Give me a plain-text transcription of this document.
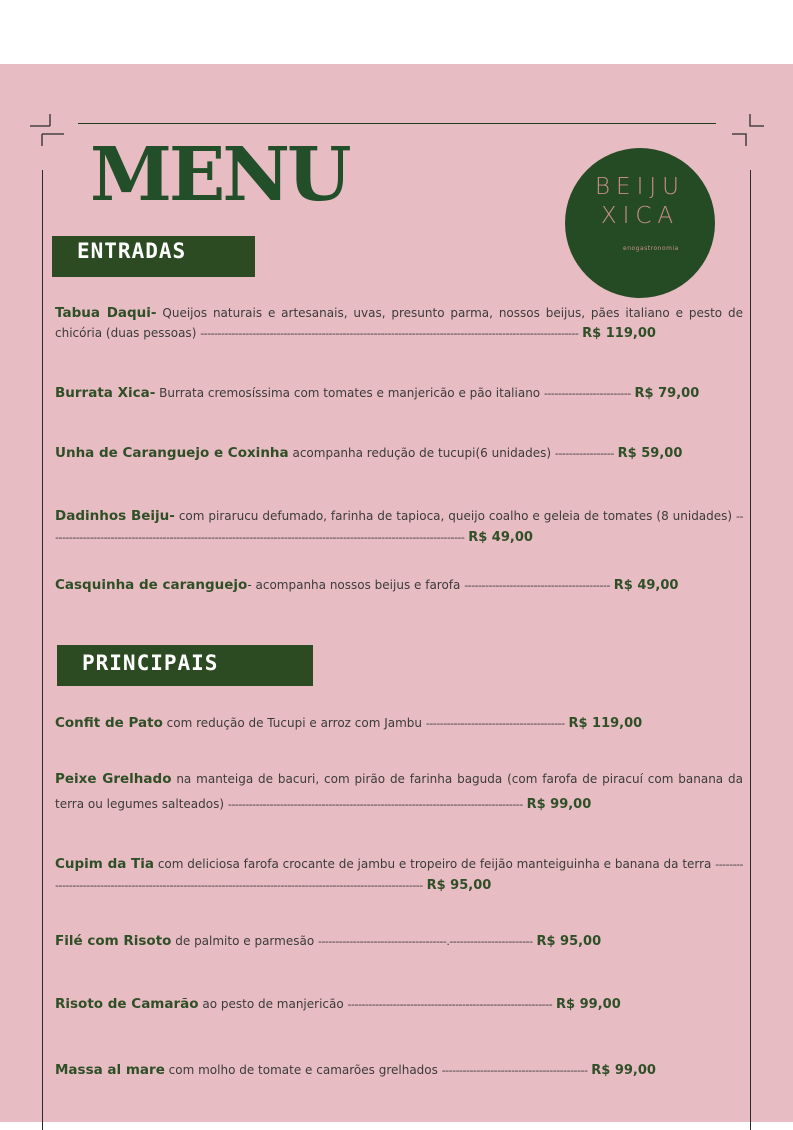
MENU	BEIJU
XICA
enogastronomia
ENTRADAS
Tabua Daqui- Queijos naturais e artesanais, uvas, presunto parma, nossos beijus, pães italiano e pesto de chicória (duas pessoas) ------------------------------------------------------------------------------------------------------------- R$ 119,00
Burrata Xica- Burrata cremosíssima com tomates e manjericão e pão italiano ------------------------- R$ 79,00
Unha de Caranguejo e Coxinha acompanha redução de tucupi(6 unidades) ----------------- R$ 59,00
Dadinhos Beiju- com pirarucu defumado, farinha de tapioca, queijo coalho e geleia de tomates (8 unidades) ------------------------------------------------------------------------------------------------------------------------ R$ 49,00
Casquinha de caranguejo- acompanha nossos beijus e farofa ------------------------------------------ R$ 49,00
PRINCIPAIS
Confit de Pato com redução de Tucupi e arroz com Jambu ---------------------------------------- R$ 119,00
Peixe Grelhado na manteiga de bacuri, com pirão de farinha baguda (com farofa de piracuí com banana da terra ou legumes salteados) ------------------------------------------------------------------------------------- R$ 99,00
Cupim da Tia com deliciosa farofa crocante de jambu e tropeiro de feijão manteiguinha e banana da terra ------------------------------------------------------------------------------------------------------------------ R$ 95,00
Filé com Risoto de palmito e parmesão -------------------------------------.------------------------ R$ 95,00
Risoto de Camarão ao pesto de manjericão ----------------------------------------------------------- R$ 99,00
Massa al mare com molho de tomate e camarões grelhados ------------------------------------------ R$ 99,00
